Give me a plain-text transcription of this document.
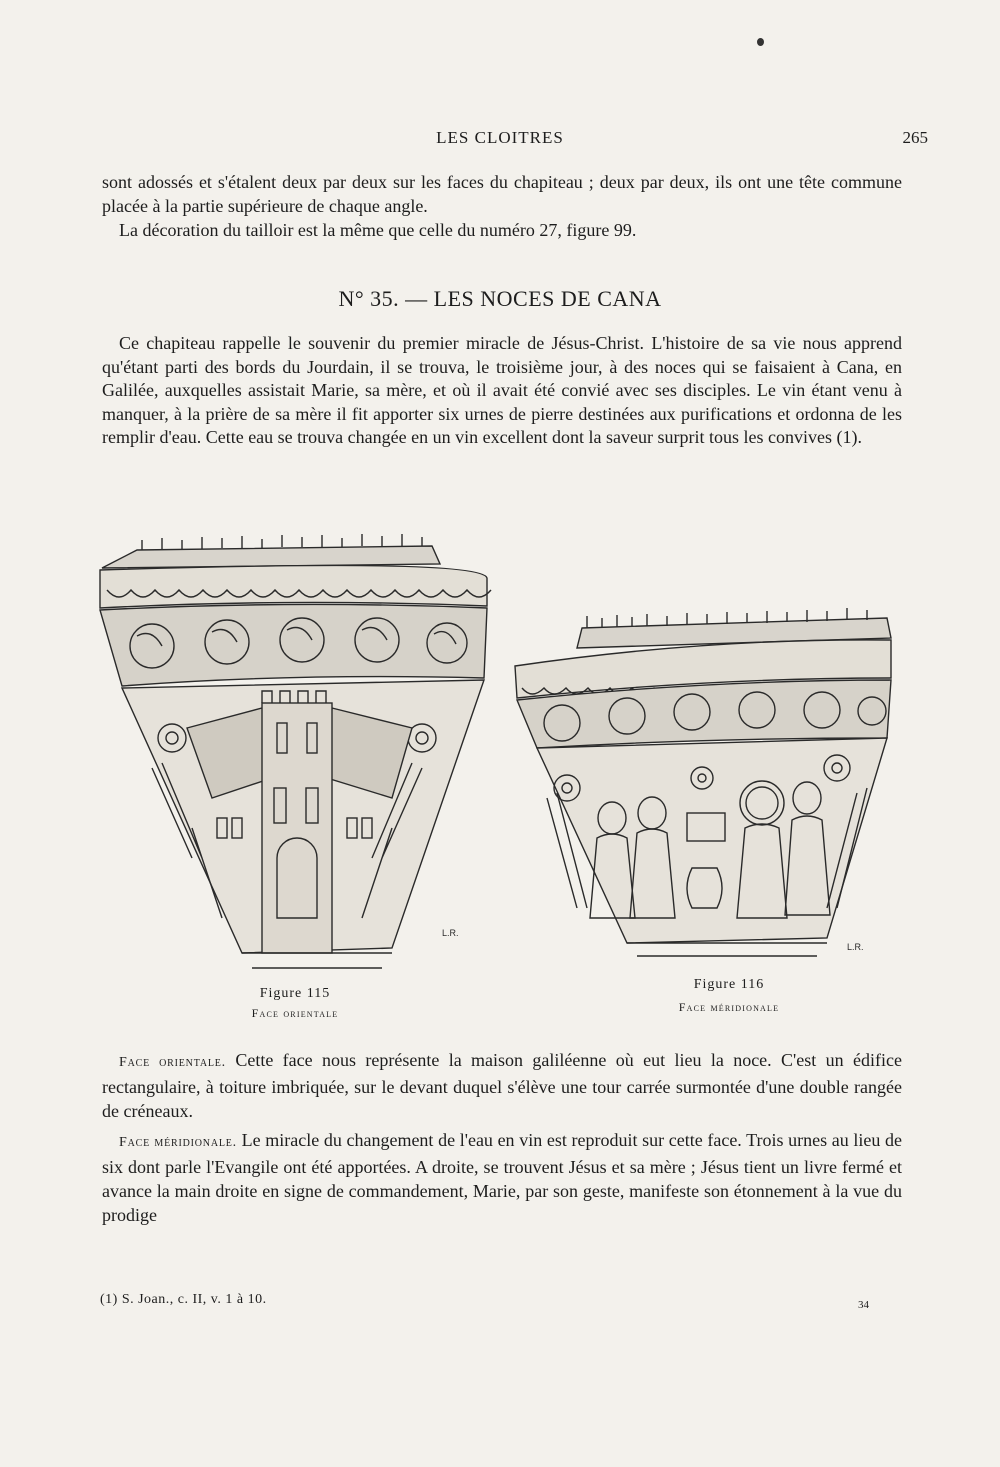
LES CLOITRES	265
sont adossés et s'étalent deux par deux sur les faces du chapiteau ; deux par deux, ils ont une tête commune placée à la partie supérieure de chaque angle.
La décoration du tailloir est la même que celle du numéro 27, figure 99.
N° 35. — LES NOCES DE CANA
Ce chapiteau rappelle le souvenir du premier miracle de Jésus-Christ. L'histoire de sa vie nous apprend qu'étant parti des bords du Jourdain, il se trouva, le troisième jour, à des noces qui se faisaient à Cana, en Galilée, auxquelles assistait Marie, sa mère, et où il avait été convié avec ses disciples. Le vin étant venu à manquer, à la prière de sa mère il fit apporter six urnes de pierre destinées aux purifications et ordonna de les remplir d'eau. Cette eau se trouva changée en un vin excellent dont la saveur surprit tous les convives (1).
L.R.
L.R.
Figure 115
Face orientale
Figure 116
Face méridionale
Face orientale. Cette face nous représente la maison galiléenne où eut lieu la noce. C'est un édifice rectangulaire, à toiture imbriquée, sur le devant duquel s'élève une tour carrée surmontée d'une double rangée de créneaux.
Face méridionale. Le miracle du changement de l'eau en vin est reproduit sur cette face. Trois urnes au lieu de six dont parle l'Evangile ont été apportées. A droite, se trouvent Jésus et sa mère ; Jésus tient un livre fermé et avance la main droite en signe de commandement, Marie, par son geste, manifeste son étonnement à la vue du prodige
(1) S. Joan., c. II, v. 1 à 10.	34
